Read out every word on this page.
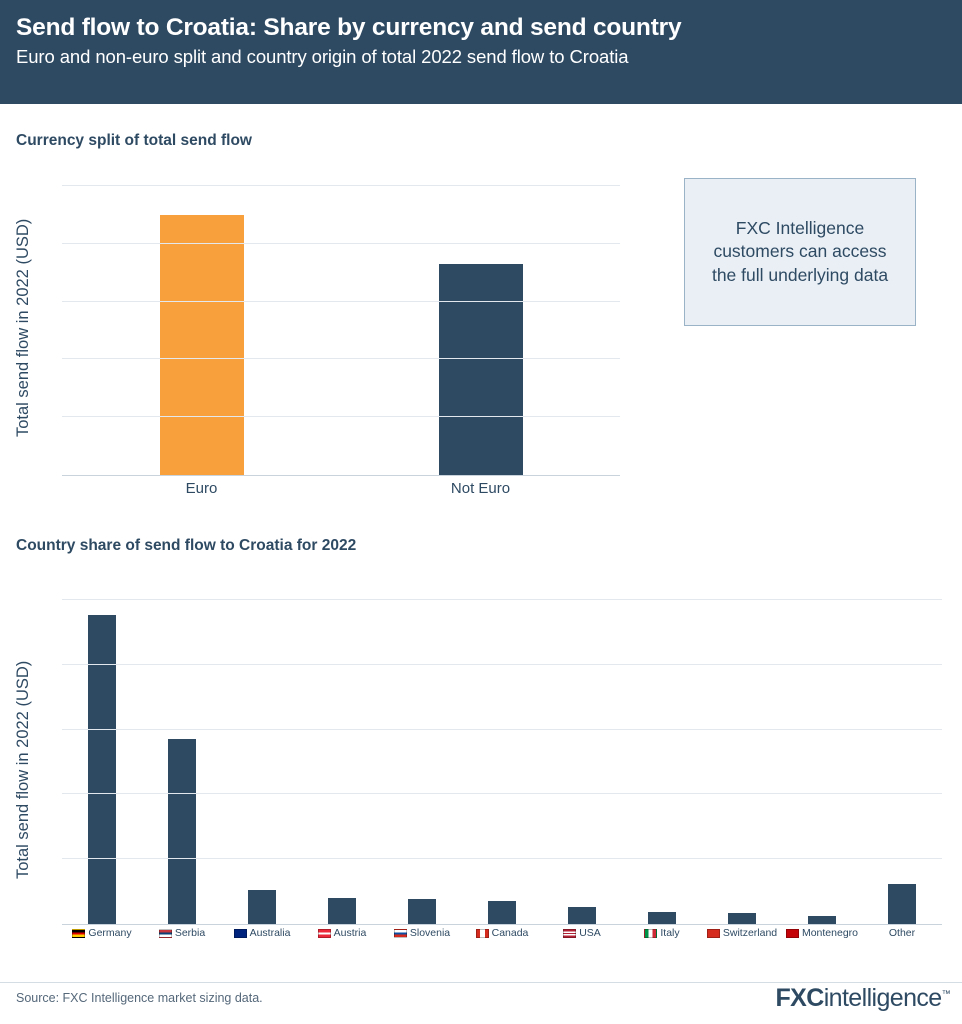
Send flow to Croatia: Share by currency and send country
Euro and non-euro split and country origin of total 2022 send flow to Croatia
Currency split of total send flow
FXC Intelligence customers can access the full underlying data
Total send flow in 2022 (USD)
Euro	Not Euro
Country share of send flow to Croatia for 2022
Total send flow in 2022 (USD)
Germany	Serbia	Australia	Austria	Slovenia	Canada	USA	Italy	Switzerland Montenegro	Other
Source: FXC Intelligence market sizing data.	FXCintelligence™
